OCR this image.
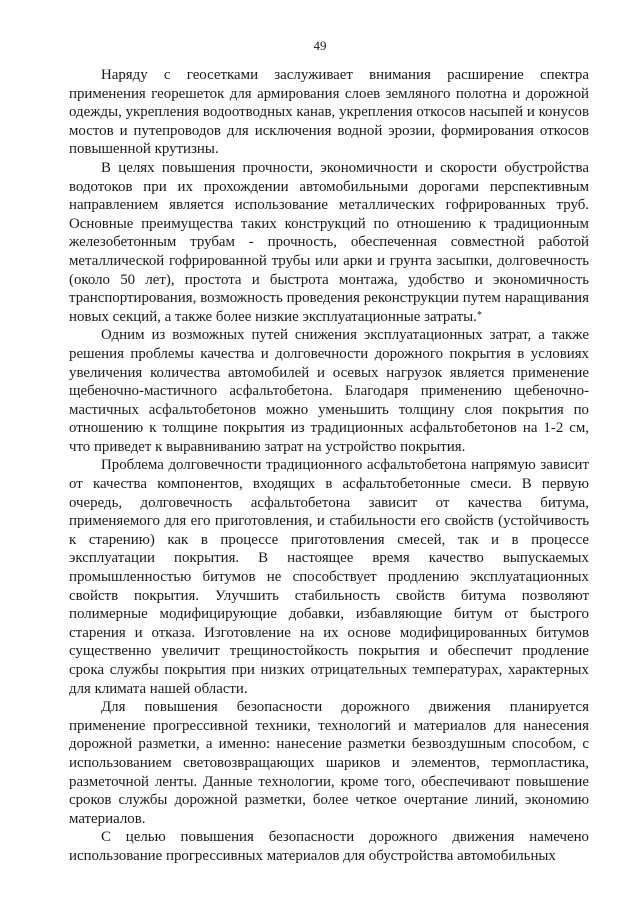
49
*

Наряду с геосетками заслуживает внимания расширение спектра применения георешеток для армирования слоев земляного полотна и дорожной одежды, укрепления водоотводных канав, укрепления откосов насыпей и конусов мостов и путепроводов для исключения водной эрозии, формирования откосов повышенной крутизны.

В целях повышения прочности, экономичности и скорости обустройства водотоков при их прохождении автомобильными дорогами перспективным направлением является использование металлических гофрированных труб. Основные преимущества таких конструкций по отношению к традиционным железобетонным трубам - прочность, обеспеченная совместной работой металлической гофрированной трубы или арки и грунта засыпки, долговечность (около 50 лет), простота и быстрота монтажа, удобство и экономичность транспортирования, возможность проведения реконструкции путем наращивания новых секций, а также более низкие эксплуатационные затраты.

Одним из возможных путей снижения эксплуатационных затрат, а также решения проблемы качества и долговечности дорожного покрытия в условиях увеличения количества автомобилей и осевых нагрузок является применение щебеночно-мастичного асфальтобетона. Благодаря применению щебеночно-мастичных асфальтобетонов можно уменьшить толщину слоя покрытия по отношению к толщине покрытия из традиционных асфальтобетонов на 1-2 см, что приведет к выравниванию затрат на устройство покрытия.

Проблема долговечности традиционного асфальтобетона напрямую зависит от качества компонентов, входящих в асфальтобетонные смеси. В первую очередь, долговечность асфальтобетона зависит от качества битума, применяемого для его приготовления, и стабильности его свойств (устойчивость к старению) как в процессе приготовления смесей, так и в процессе эксплуатации покрытия. В настоящее время качество выпускаемых промышленностью битумов не способствует продлению эксплуатационных свойств покрытия. Улучшить стабильность свойств битума позволяют полимерные модифицирующие добавки, избавляющие битум от быстрого старения и отказа. Изготовление на их основе модифицированных битумов существенно увеличит трещиностойкость покрытия и обеспечит продление срока службы покрытия при низких отрицательных температурах, характерных для климата нашей области.

Для повышения безопасности дорожного движения планируется применение прогрессивной техники, технологий и материалов для нанесения дорожной разметки, а именно: нанесение разметки безвоздушным способом, с использованием световозвращающих шариков и элементов, термопластика, разметочной ленты. Данные технологии, кроме того, обеспечивают повышение сроков службы дорожной разметки, более четкое очертание линий, экономию материалов.

С целью повышения безопасности дорожного движения намечено использование прогрессивных материалов для обустройства автомобильных
